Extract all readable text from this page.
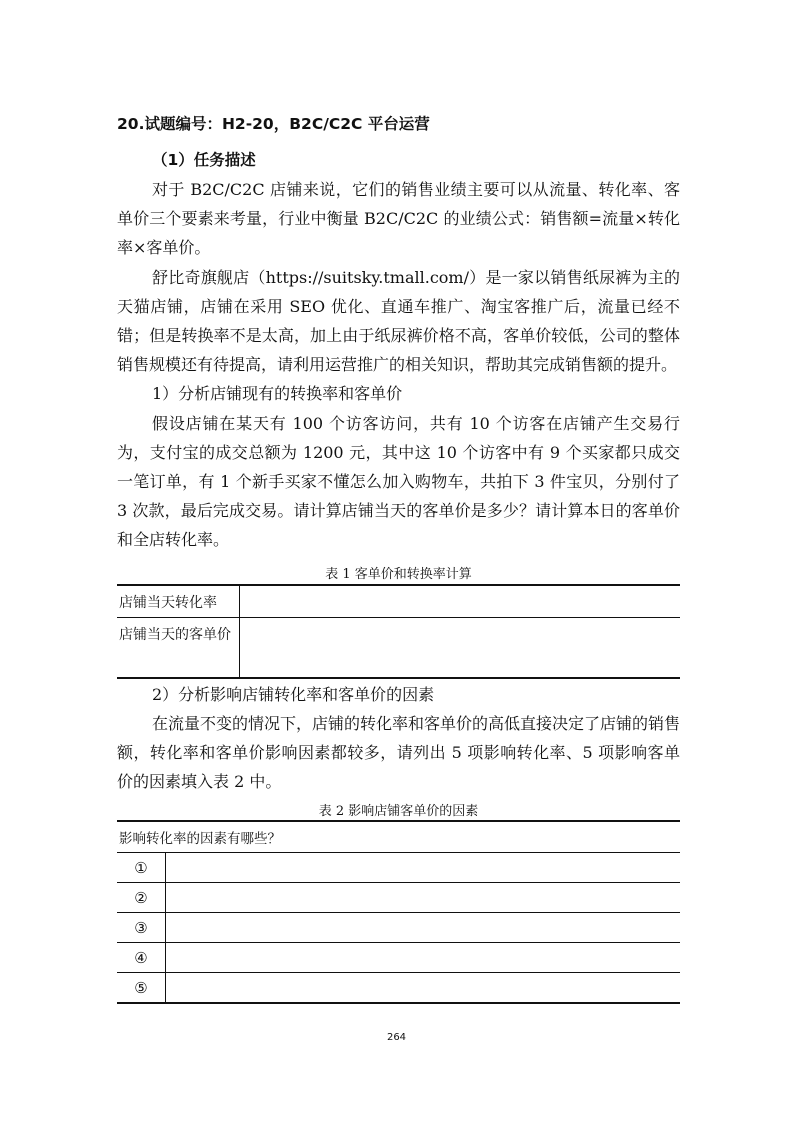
20.试题编号：H2-20，B2C/C2C 平台运营
（1）任务描述

对于 B2C/C2C 店铺来说，它们的销售业绩主要可以从流量、转化率、客单价三个要素来考量，行业中衡量 B2C/C2C 的业绩公式：销售额=流量×转化率×客单价。

舒比奇旗舰店（https://suitsky.tmall.com/）是一家以销售纸尿裤为主的天猫店铺，店铺在采用 SEO 优化、直通车推广、淘宝客推广后，流量已经不错；但是转换率不是太高，加上由于纸尿裤价格不高，客单价较低，公司的整体销售规模还有待提高，请利用运营推广的相关知识，帮助其完成销售额的提升。

1）分析店铺现有的转换率和客单价

假设店铺在某天有 100 个访客访问，共有 10 个访客在店铺产生交易行为，支付宝的成交总额为 1200 元，其中这 10 个访客中有 9 个买家都只成交一笔订单，有 1 个新手买家不懂怎么加入购物车，共拍下 3 件宝贝，分别付了 3 次款，最后完成交易。请计算店铺当天的客单价是多少？请计算本日的客单价和全店转化率。

表 1 客单价和转换率计算
店铺当天转化率	
店铺当天的客单价	
2）分析影响店铺转化率和客单价的因素

在流量不变的情况下，店铺的转化率和客单价的高低直接决定了店铺的销售额，转化率和客单价影响因素都较多，请列出 5 项影响转化率、5 项影响客单价的因素填入表 2 中。

表 2 影响店铺客单价的因素
影响转化率的因素有哪些？	
①	
②	
③	
④	
⑤	
264
